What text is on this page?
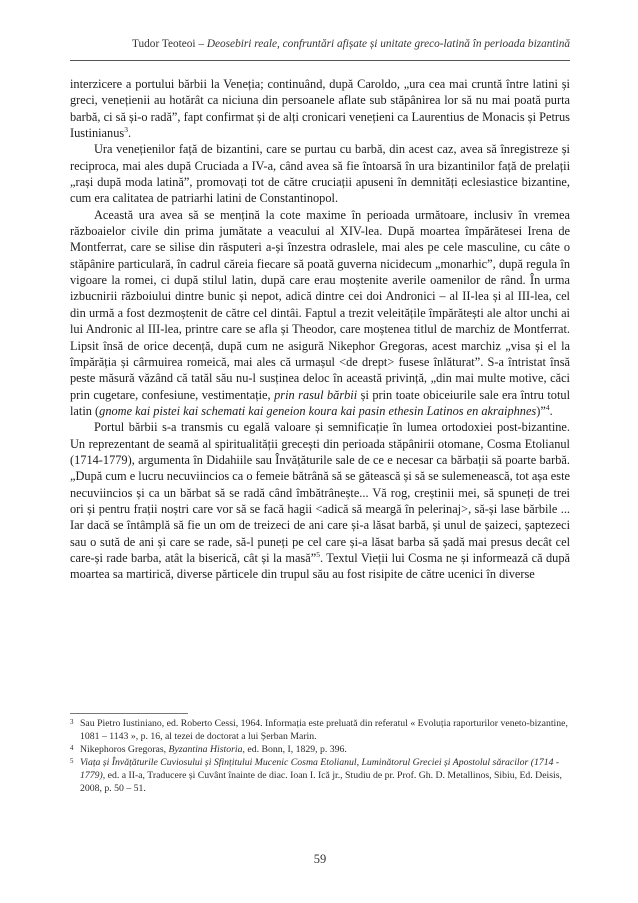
Tudor Teoteoi – Deosebiri reale, confruntări afișate și unitate greco-latină în perioada bizantină

interzicere a portului bărbii la Veneția; continuând, după Caroldo, „ura cea mai cruntă între latini și greci, venețienii au hotărât ca niciuna din persoanele aflate sub stăpânirea lor să nu mai poată purta barbă, ci să și-o radă”, fapt confirmat și de alți cronicari venețieni ca Laurentius de Monacis și Petrus Iustinianus$^3$.

Ura venețienilor față de bizantini, care se purtau cu barbă, din acest caz, avea să înregistreze și reciproca, mai ales după Cruciada a IV-a, când avea să fie întoarsă în ura bizantinilor față de prelații „rași după moda latină”, promovați tot de către cruciații apuseni în demnități eclesiastice bizantine, cum era calitatea de patriarhi latini de Constantinopol.

Această ura avea să se mențină la cote maxime în perioada următoare, inclusiv în vremea războaielor civile din prima jumătate a veacului al XIV-lea. După moartea împărătesei Irena de Montferrat, care se silise din răsputeri a-și înzestra odraslele, mai ales pe cele masculine, cu câte o stăpânire particulară, în cadrul căreia fiecare să poată guverna nicidecum „monarhic”, după regula în vigoare la romei, ci după stilul latin, după care erau moștenite averile oamenilor de rând. În urma izbucnirii războiului dintre bunic și nepot, adică dintre cei doi Andronici – al II-lea și al III-lea, cel din urmă a fost dezmoștenit de către cel dintâi. Faptul a trezit veleitățile împărătești ale altor unchi ai lui Andronic al III-lea, printre care se afla și Theodor, care moștenea titlul de marchiz de Montferrat. Lipsit însă de orice decență, după cum ne asigură Nikephor Gregoras, acest marchiz „visa și el la împărăția și cârmuirea romeică, mai ales că urmașul <de drept> fusese înlăturat”. S-a întristat însă peste măsură văzând că tatăl său nu-l susținea deloc în această privință, „din mai multe motive, căci prin cugetare, confesiune, vestimentație, prin rasul bărbii și prin toate obiceiurile sale era întru totul latin (gnome kai pistei kai schemati kai geneion koura kai pasin ethesin Latinos en akraiphnes)”$^4$.

Portul bărbii s-a transmis cu egală valoare și semnificație în lumea ortodoxiei post-bizantine. Un reprezentant de seamă al spiritualității grecești din perioada stăpânirii otomane, Cosma Etolianul (1714-1779), argumenta în Didahiile sau Învățăturile sale de ce e necesar ca bărbații să poarte barbă. „După cum e lucru necuviincios ca o femeie bătrână să se gătească și să se sulemenească, tot așa este necuviincios și ca un bărbat să se radă când îmbătrânește... Vă rog, creștinii mei, să spuneți de trei ori și pentru frații noștri care vor să se facă hagii <adică să meargă în pelerinaj>, să-și lase bărbile ... Iar dacă se întâmplă să fie un om de treizeci de ani care și-a lăsat barbă, și unul de șaizeci, șaptezeci sau o sută de ani și care se rade, să-l puneți pe cel care și-a lăsat barba să șadă mai presus decât cel care-și rade barba, atât la biserică, cât și la masă”$^5$. Textul Vieții lui Cosma ne și informează că după moartea sa martirică, diverse părticele din trupul său au fost risipite de către ucenici în diverse

3 Sau Pietro Iustiniano, ed. Roberto Cessi, 1964. Informația este preluată din referatul « Evoluția raporturilor veneto-bizantine, 1081 – 1143 », p. 16, al tezei de doctorat a lui Șerban Marin.

4 Nikephoros Gregoras, Byzantina Historia, ed. Bonn, I, 1829, p. 396.

5 Viața și Învățăturile Cuviosului și Sfințitului Mucenic Cosma Etolianul, Luminătorul Greciei și Apostolul săracilor (1714 - 1779), ed. a II-a, Traducere și Cuvânt înainte de diac. Ioan I. Ică jr., Studiu de pr. Prof. Gh. D. Metallinos, Sibiu, Ed. Deisis, 2008, p. 50 – 51.

59
